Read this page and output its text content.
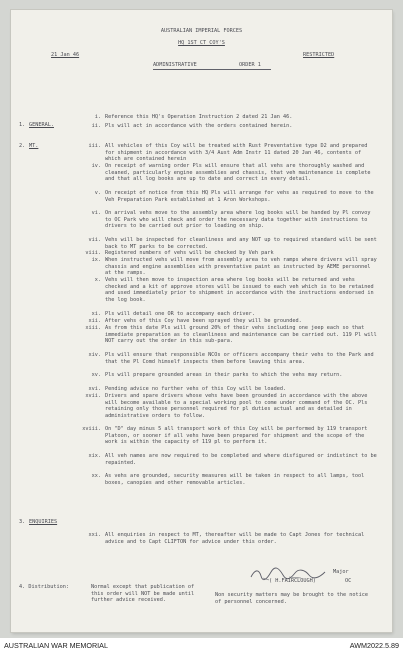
AUSTRALIAN IMPERIAL FORCES
HQ 1ST CT COY'S
21 Jan 46	RESTRICTED
ADMINISTRATIVE	ORDER 1
GENERAL.
1.
i. Reference this HQ's Operation Instruction 2 dated 21 Jan 46.
ii. Pls will act in accordance with the orders contained herein.
2. MT.	iii. All vehicles of this Coy will be treated with Rust Preventative type D2 and prepared for shipment in accordance with 3/4 Aust Adm Instr 11 dated 20 Jan 46, contents of which are contained herein
iv. On receipt of warning order Pls will ensure that all vehs are thoroughly washed and cleaned, particularly engine assemblies and chassis, that veh maintenance is complete and that all log books are up to date and correct in every detail.
v. On receipt of notice from this HQ Pls will arrange for vehs as required to move to the Veh Preparation Park established at 1 Aron Workshops.
vi. On arrival vehs move to the assembly area where log books will be handed by Pl convoy to OC Park who will check and order the necessary data together with instructions to drivers to be carried out prior to loading on ship.
vii. Vehs will be inspected for cleanliness and any NOT up to required standard will be sent back to MT parks to be corrected.
viii. Registered numbers of vehs will be checked by Veh park
ix. When instructed vehs will move from assembly area to veh ramps where drivers will spray chassis and engine assemblies with preventative paint as instructed by AEME personnel at the ramps.
x. Vehs will then move to inspection area where log books will be returned and vehs checked and a kit of approve stores will be issued to each veh which is to be retained and used immediately prior to shipment in accordance with the instructions endorsed in the log book.
xi. Pls will detail one OR to accompany each driver.
xii. After vehs of this Coy have been sprayed they will be grounded.
xiii. As from this date Pls will ground 20% of their vehs including one jeep each so that immediate preparation as to cleanliness and maintenance can be carried out. 119 Pl will NOT carry out the order in this sub-para.
xiv. Pls will ensure that responsible NCOs or officers accompany their vehs to the Park and that the Pl Comd himself inspects them before leaving this area.
xv. Pls will prepare grounded areas in their parks to which the vehs may return.
xvi. Pending advice no further vehs of this Coy will be loaded.
xvii. Drivers and spare drivers whose vehs have been grounded in accordance with the above will become available to a special working pool to come under command of the OC. Pls retaining only those personnel required for pl duties actual and as detailed in administrative orders to follow.
xviii. On "D" day minus 5 all transport work of this Coy will be performed by 119 transport Platoon, or sooner if all vehs have been prepared for shipment and the scope of the work is within the capacity of 119 pl to perform it.
xix. All veh names are now required to be completed and where disfigured or indistinct to be repainted.
xx. As vehs are grounded, security measures will be taken in respect to all lamps, tool boxes, canopies and other removable articles.
3. ENQUIRIES
xxi. All enquiries in respect to MT, thereafter will be made to Capt Jones for technical advice and to Capt CLIFTON for advice under this order.
Major
( H.FAIRCLOUGH)	OC
4. Distribution:	Normal except that publication of this order will NOT be made until further advice received.
Non security matters may be brought to the notice of personnel concerned.
AUSTRALIAN WAR MEMORIAL	AWM2022.5.89
